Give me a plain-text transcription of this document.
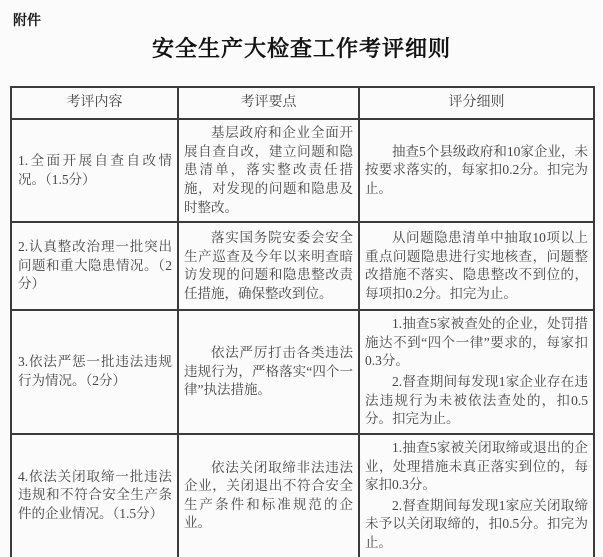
附件
安全生产大检查工作考评细则
考评内容	考评要点	评分细则

1.全面开展自查自改情况。（1.5分）	基层政府和企业全面开展自查自改，建立问题和隐患清单，落实整改责任措施，对发现的问题和隐患及时整改。	抽查5个县级政府和10家企业，未按要求落实的，每家扣0.2分。扣完为止。

2.认真整改治理一批突出问题和重大隐患情况。（2分）	落实国务院安委会安全生产巡查及今年以来明查暗访发现的问题和隐患整改责任措施，确保整改到位。	从问题隐患清单中抽取10项以上重点问题隐患进行实地核查，问题整改措施不落实、隐患整改不到位的，每项扣0.2分。扣完为止。

3.依法严惩一批违法违规行为情况。（2分）	依法严厉打击各类违法违规行为，严格落实“四个一律”执法措施。	1.抽查5家被查处的企业，处罚措施达不到“四个一律”要求的，每家扣0.3分。

2.督查期间每发现1家企业存在违法违规行为未被依法查处的，扣0.5分。扣完为止。

4.依法关闭取缔一批违法违规和不符合安全生产条件的企业情况。（1.5分）	依法关闭取缔非法违法企业，关闭退出不符合安全生产条件和标准规范的企业。	1.抽查5家被关闭取缔或退出的企业，处理措施未真正落实到位的，每家扣0.3分。

2.督查期间每发现1家应关闭取缔未予以关闭取缔的，扣0.5分。扣完为止。
